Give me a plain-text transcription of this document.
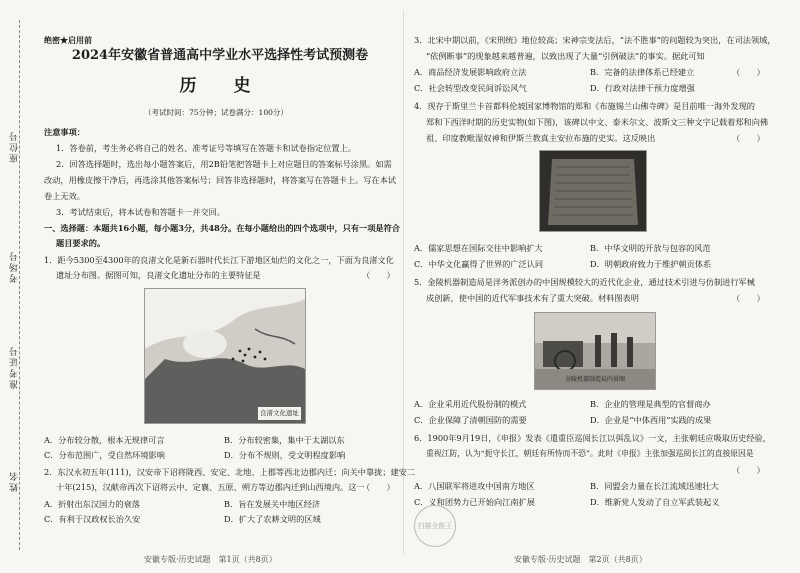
座位号
考场号
准考证号
姓名
绝密★启用前
2024年安徽省普通高中学业水平选择性考试预测卷
历　史
（考试时间：75分钟；试卷满分：100分）
注意事项：
1．答卷前，考生务必将自己的姓名、准考证号等填写在答题卡和试卷指定位置上。
2．回答选择题时，选出每小题答案后，用2B铅笔把答题卡上对应题目的答案标号涂黑。如需
改动，用橡皮擦干净后，再选涂其他答案标号；回答非选择题时，将答案写在答题卡上。写在本试
卷上无效。
3．考试结束后，将本试卷和答题卡一并交回。
一、选择题：本题共16小题，每小题3分，共48分。在每小题给出的四个选项中，只有一项是符合
题目要求的。
1．距今5300至4300年的良渚文化是新石器时代长江下游地区灿烂的文化之一，下面为良渚文化
遗址分布图。据图可知，良渚文化遗址分布的主要特征是	（　　）
良渚文化遗址
A．分布较分散，根本无规律可言	B．分布较密集，集中于太湖以东
C．分布范围广，受自然环境影响	D．分布不规则，受文明程度影响
2．东汉永初五年(111)，汉安帝下诏将陇西、安定、北地、上郡等西北边郡内迁；向关中靠拢；建安二
十年(215)，汉献帝再次下诏将云中、定襄、五原、朔方等边郡内迁到山西境内。这一
（　　）
A．折射出东汉国力的衰落	B．旨在发展关中地区经济
C．有利于汉政权长治久安	D．扩大了农耕文明的区域
安徽专版·历史试题　第1页（共8页）
3．北宋中期以前，《宋刑统》地位较高；宋神宗变法后，“法不胜事”的问题较为突出，在司法领域，
“依例断事”的现象越来越普遍，以致出现了大量“引例破法”的事实。据此可知
（　　）
A．商品经济发展影响政府立法	B．完备的法律体系已经建立
C．社会转型改变民间诉讼风气	D．行政对法律干预力度增强
4．现存于斯里兰卡首都科伦坡国家博物馆的郑和《布施锡兰山佛寺碑》是目前唯一海外发现的
郑和下西洋时期的历史实物(如下图)，该碑以中文、泰米尔文、波斯文三种文字记载着郑和向佛
祖、印度教毗湿奴神和伊斯兰教真主安拉布施的史实。这反映出	（　　）
A．儒家思想在国际交往中影响扩大	B．中华文明的开放与包容的风范
C．中华文化赢得了世界的广泛认同	D．明朝政府致力于维护朝贡体系
5．金陵机器制造局是洋务派创办的中国规模较大的近代化企业，通过技术引进与仿制进行军械
成创新，使中国的近代军事技术有了重大突破。材料图表明	（　　）
金陵机器制造局内景图
A．企业采用近代股份制的模式	B．企业的管理是典型的官督商办
C．企业保障了清朝国防的需要	D．企业是“中体西用”实践的成果
6．1900年9月19日，《申报》发表《遣重臣巡阅长江以弭乱议》一文，主张朝廷应吸取历史经验，
重视江防，认为“扼守长江，朝廷有所恃而不恐”。此时《申报》主张加强巡阅长江的直接原因是
（　　）
A．八国联军将进攻中国南方地区	B．同盟会力量在长江流域迅速壮大
C．义和团势力已开始向江南扩展	D．维新党人发动了自立军武装起义
扫描全能王
安徽专版·历史试题　第2页（共8页）
